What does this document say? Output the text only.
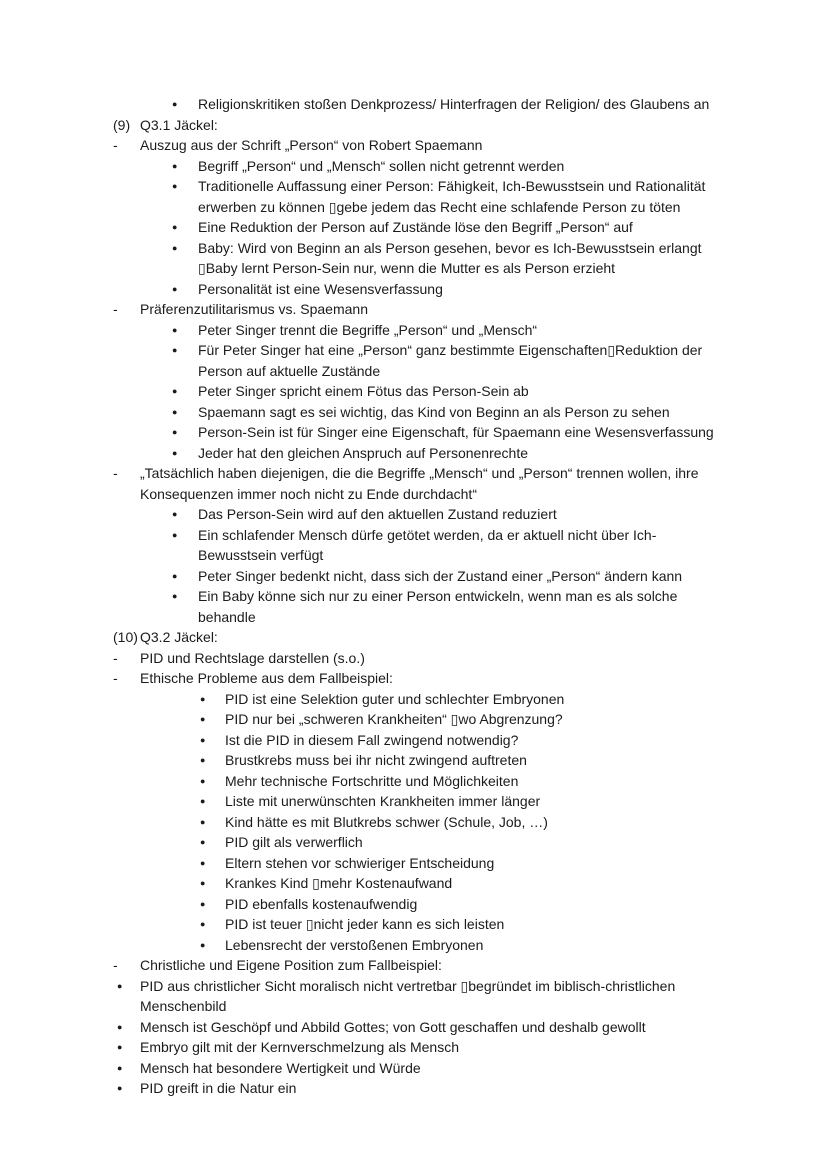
●	Religionskritiken stoßen Denkprozess/ Hinterfragen der Religion/ des Glaubens an
(9) Q3.1 Jäckel:
-	Auszug aus der Schrift „Person“ von Robert Spaemann
●	Begriff „Person“ und „Mensch“ sollen nicht getrennt werden
●	Traditionelle Auffassung einer Person: Fähigkeit, Ich-Bewusstsein und Rationalität erwerben zu können ▯gebe jedem das Recht eine schlafende Person zu töten
●	Eine Reduktion der Person auf Zustände löse den Begriff „Person“ auf
●	Baby: Wird von Beginn an als Person gesehen, bevor es Ich-Bewusstsein erlangt ▯Baby lernt Person-Sein nur, wenn die Mutter es als Person erzieht
●	Personalität ist eine Wesensverfassung
-	Präferenzutilitarismus vs. Spaemann
●	Peter Singer trennt die Begriffe „Person“ und „Mensch“
●	Für Peter Singer hat eine „Person“ ganz bestimmte Eigenschaften▯Reduktion der Person auf aktuelle Zustände
●	Peter Singer spricht einem Fötus das Person-Sein ab
●	Spaemann sagt es sei wichtig, das Kind von Beginn an als Person zu sehen
●	Person-Sein ist für Singer eine Eigenschaft, für Spaemann eine Wesensverfassung
●	Jeder hat den gleichen Anspruch auf Personenrechte
-	„Tatsächlich haben diejenigen, die die Begriffe „Mensch“ und „Person“ trennen wollen, ihre Konsequenzen immer noch nicht zu Ende durchdacht“
●	Das Person-Sein wird auf den aktuellen Zustand reduziert
●	Ein schlafender Mensch dürfe getötet werden, da er aktuell nicht über Ich-Bewusstsein verfügt
●	Peter Singer bedenkt nicht, dass sich der Zustand einer „Person“ ändern kann
●	Ein Baby könne sich nur zu einer Person entwickeln, wenn man es als solche behandle
(10) Q3.2 Jäckel:
-	PID und Rechtslage darstellen (s.o.)
-	Ethische Probleme aus dem Fallbeispiel:
●	PID ist eine Selektion guter und schlechter Embryonen
●	PID nur bei „schweren Krankheiten“ ▯wo Abgrenzung?
●	Ist die PID in diesem Fall zwingend notwendig?
●	Brustkrebs muss bei ihr nicht zwingend auftreten
●	Mehr technische Fortschritte und Möglichkeiten
●	Liste mit unerwünschten Krankheiten immer länger
●	Kind hätte es mit Blutkrebs schwer (Schule, Job, …)
●	PID gilt als verwerflich
●	Eltern stehen vor schwieriger Entscheidung
●	Krankes Kind ▯mehr Kostenaufwand
●	PID ebenfalls kostenaufwendig
●	PID ist teuer ▯nicht jeder kann es sich leisten
●	Lebensrecht der verstoßenen Embryonen
-	Christliche und Eigene Position zum Fallbeispiel:
●	PID aus christlicher Sicht moralisch nicht vertretbar ▯begründet im biblisch-christlichen Menschenbild
●	Mensch ist Geschöpf und Abbild Gottes; von Gott geschaffen und deshalb gewollt
●	Embryo gilt mit der Kernverschmelzung als Mensch
●	Mensch hat besondere Wertigkeit und Würde
●	PID greift in die Natur ein
